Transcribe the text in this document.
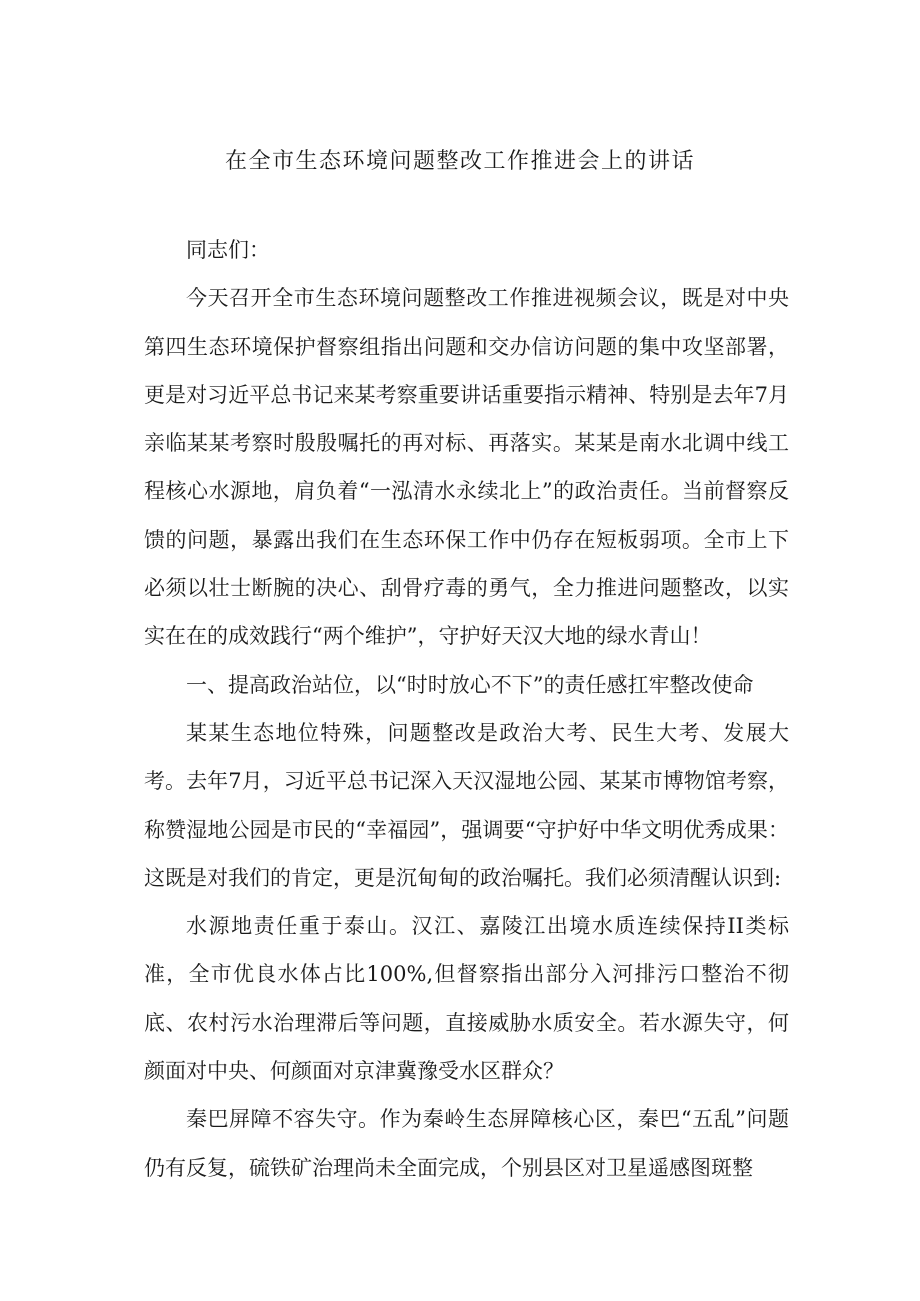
在全市生态环境问题整改工作推进会上的讲话

同志们：

今天召开全市生态环境问题整改工作推进视频会议，既是对中央第四生态环境保护督察组指出问题和交办信访问题的集中攻坚部署，更是对习近平总书记来某考察重要讲话重要指示精神、特别是去年7月亲临某某考察时殷殷嘱托的再对标、再落实。某某是南水北调中线工程核心水源地，肩负着“一泓清水永续北上”的政治责任。当前督察反馈的问题，暴露出我们在生态环保工作中仍存在短板弱项。全市上下必须以壮士断腕的决心、刮骨疗毒的勇气，全力推进问题整改，以实实在在的成效践行“两个维护”，守护好天汉大地的绿水青山！

一、提高政治站位，以“时时放心不下”的责任感扛牢整改使命

某某生态地位特殊，问题整改是政治大考、民生大考、发展大考。去年7月，习近平总书记深入天汉湿地公园、某某市博物馆考察，称赞湿地公园是市民的“幸福园”，强调要“守护好中华文明优秀成果：这既是对我们的肯定，更是沉甸甸的政治嘱托。我们必须清醒认识到:

水源地责任重于泰山。汉江、嘉陵江出境水质连续保持II类标准，全市优良水体占比100%,但督察指出部分入河排污口整治不彻底、农村污水治理滞后等问题，直接威胁水质安全。若水源失守，何颜面对中央、何颜面对京津冀豫受水区群众？

秦巴屏障不容失守。作为秦岭生态屏障核心区，秦巴“五乱”问题仍有反复，硫铁矿治理尚未全面完成，个别县区对卫星遥感图斑整
